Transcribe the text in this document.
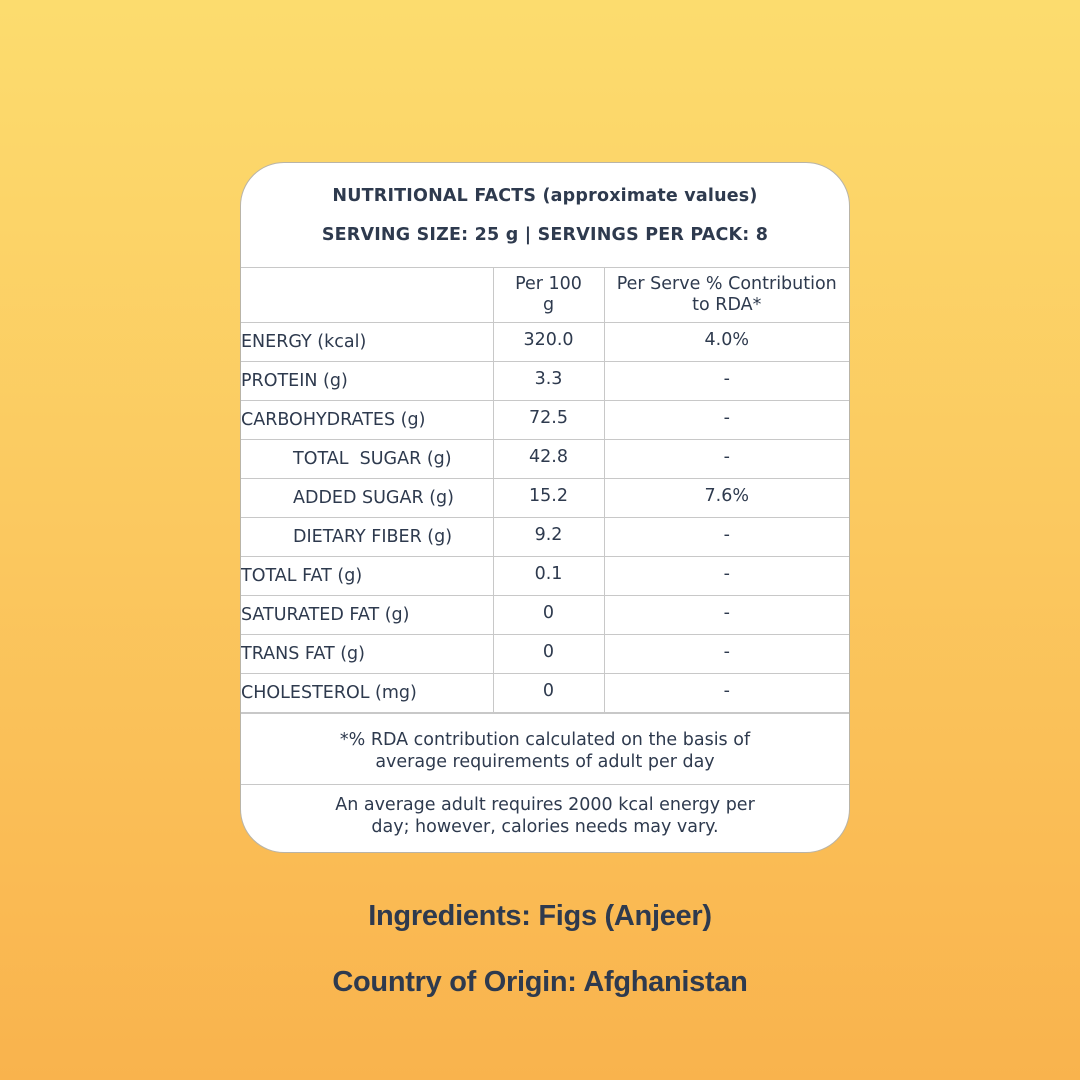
NUTRITIONAL FACTS (approximate values)
SERVING SIZE: 25 g | SERVINGS PER PACK: 8

	Per 100 g	Per Serve % Contribution to RDA*

ENERGY (kcal)	320.0	4.0%
PROTEIN (g)	3.3	-
CARBOHYDRATES (g)	72.5	-
TOTAL  SUGAR (g)	42.8	-
ADDED SUGAR (g)	15.2	7.6%
DIETARY FIBER (g)	9.2	-
TOTAL FAT (g)	0.1	-
SATURATED FAT (g)	0	-
TRANS FAT (g)	0	-
CHOLESTEROL (mg)	0	-
*% RDA contribution calculated on the basis of
average requirements of adult per day
An average adult requires 2000 kcal energy per
day; however, calories needs may vary.
Ingredients: Figs (Anjeer)
Country of Origin: Afghanistan
